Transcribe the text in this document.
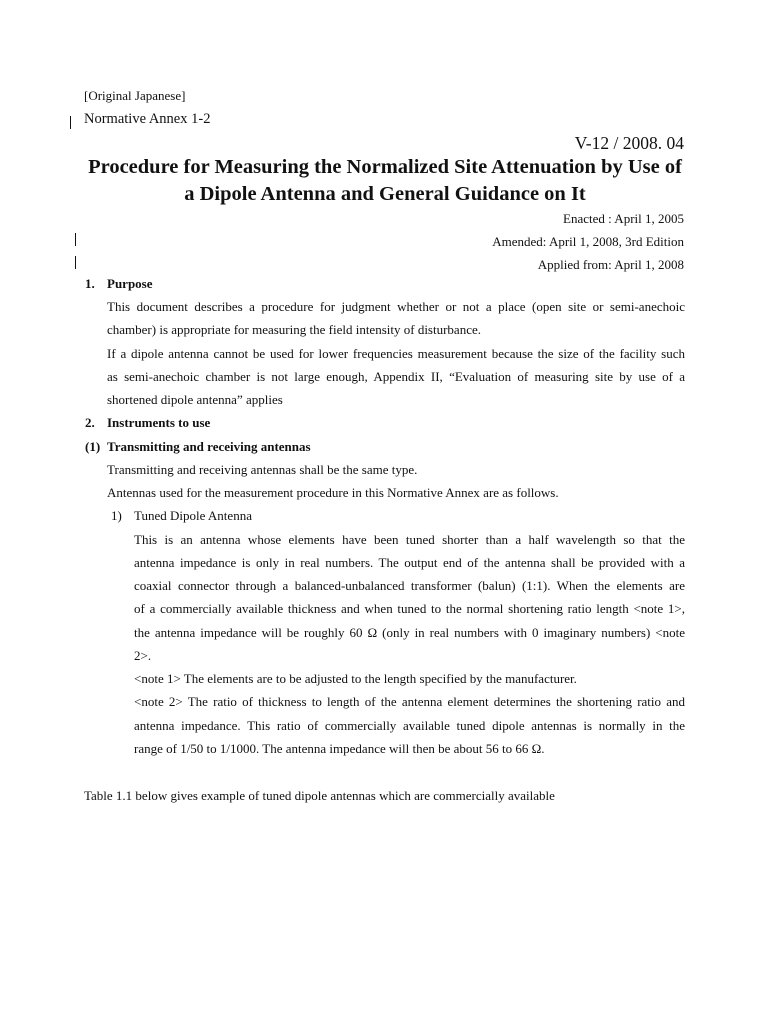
[Original Japanese]
Normative Annex 1-2
V-12 / 2008. 04
Procedure for Measuring the Normalized Site Attenuation by Use of
a Dipole Antenna and General Guidance on It
Enacted : April 1, 2005
Amended: April 1, 2008, 3rd Edition
Applied from: April 1, 2008
1. Purpose
This document describes a procedure for judgment whether or not a place (open site or semi-anechoic
chamber) is appropriate for measuring the field intensity of disturbance.
If a dipole antenna cannot be used for lower frequencies measurement because the size of the facility such
as semi-anechoic chamber is not large enough, Appendix II, “Evaluation of measuring site by use of a
shortened dipole antenna” applies
2. Instruments to use
(1) Transmitting and receiving antennas
Transmitting and receiving antennas shall be the same type.
Antennas used for the measurement procedure in this Normative Annex are as follows.
1) Tuned Dipole Antenna
This is an antenna whose elements have been tuned shorter than a half wavelength so that the
antenna impedance is only in real numbers. The output end of the antenna shall be provided with a
coaxial connector through a balanced-unbalanced transformer (balun) (1:1). When the elements are
of a commercially available thickness and when tuned to the normal shortening ratio length <note 1>,
the antenna impedance will be roughly 60 Ω (only in real numbers with 0 imaginary numbers) <note
2>.
<note 1> The elements are to be adjusted to the length specified by the manufacturer.
<note 2> The ratio of thickness to length of the antenna element determines the shortening ratio and
antenna impedance. This ratio of commercially available tuned dipole antennas is normally in the
range of 1/50 to 1/1000. The antenna impedance will then be about 56 to 66 Ω.
Table 1.1 below gives example of tuned dipole antennas which are commercially available
